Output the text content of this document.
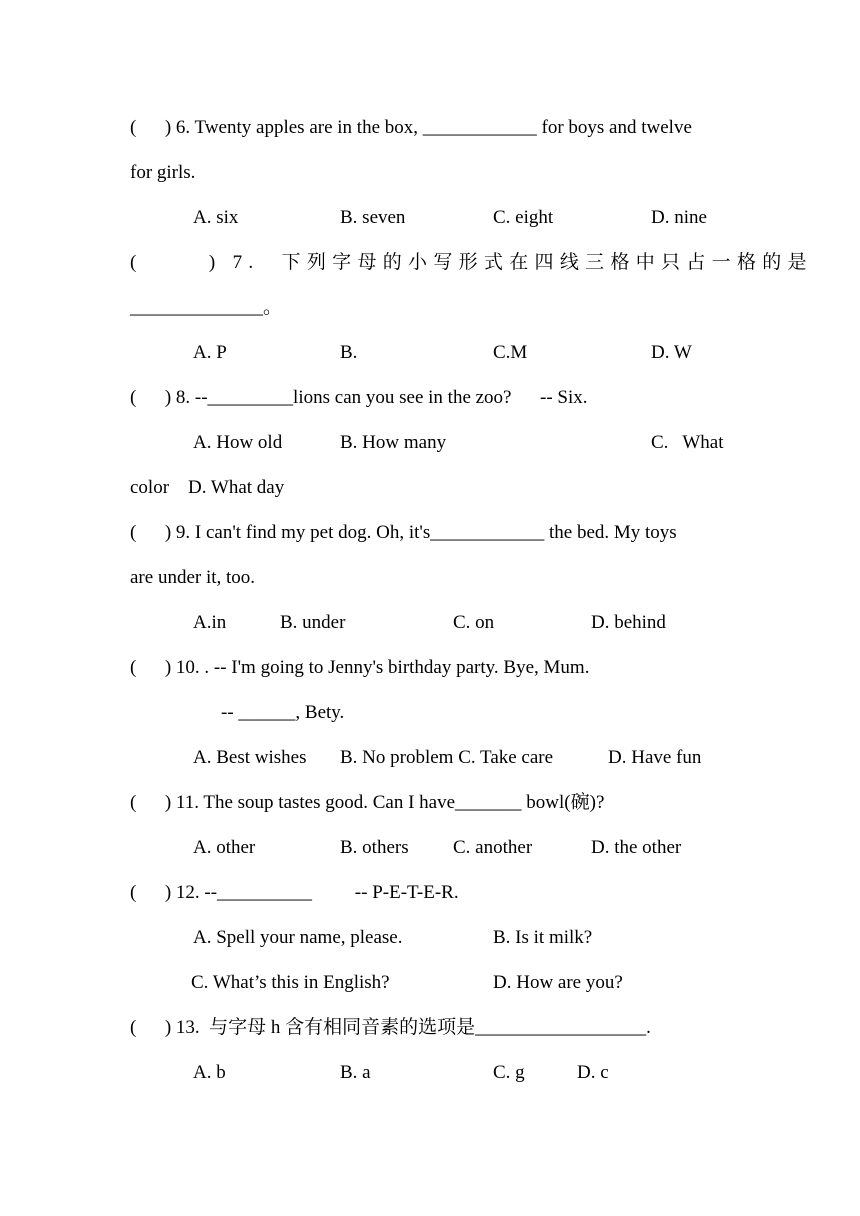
(      ) 6. Twenty apples are in the box, ____________ for boys and twelve
for girls.
A. six	B. seven	C. eight	D. nine
(      ) 7.  下列字母的小写形式在四线三格中只占一格的是
______________。
A. P	B.	C.M	D. W
(      ) 8. --_________lions can you see in the zoo?      -- Six.
A. How old	B. How many	C.   What
color    D. What day
(      ) 9. I can't find my pet dog. Oh, it's____________ the bed. My toys
are under it, too.
A.in	B. under	C. on	D. behind
(      ) 10. . -- I'm going to Jenny's birthday party. Bye, Mum.
-- ______, Bety.
A. Best wishes B. No problem C. Take care	D. Have fun
(      ) 11. The soup tastes good. Can I have_______ bowl(碗)?
A. other	B. others C. another	D. the other
(      ) 12. --__________         -- P-E-T-E-R.
A. Spell your name, please.	B. Is it milk?
C. What’s this in English?	D. How are you?
(      ) 13.  与字母 h 含有相同音素的选项是__________________.
A. b	B. a	C. g	D. c
